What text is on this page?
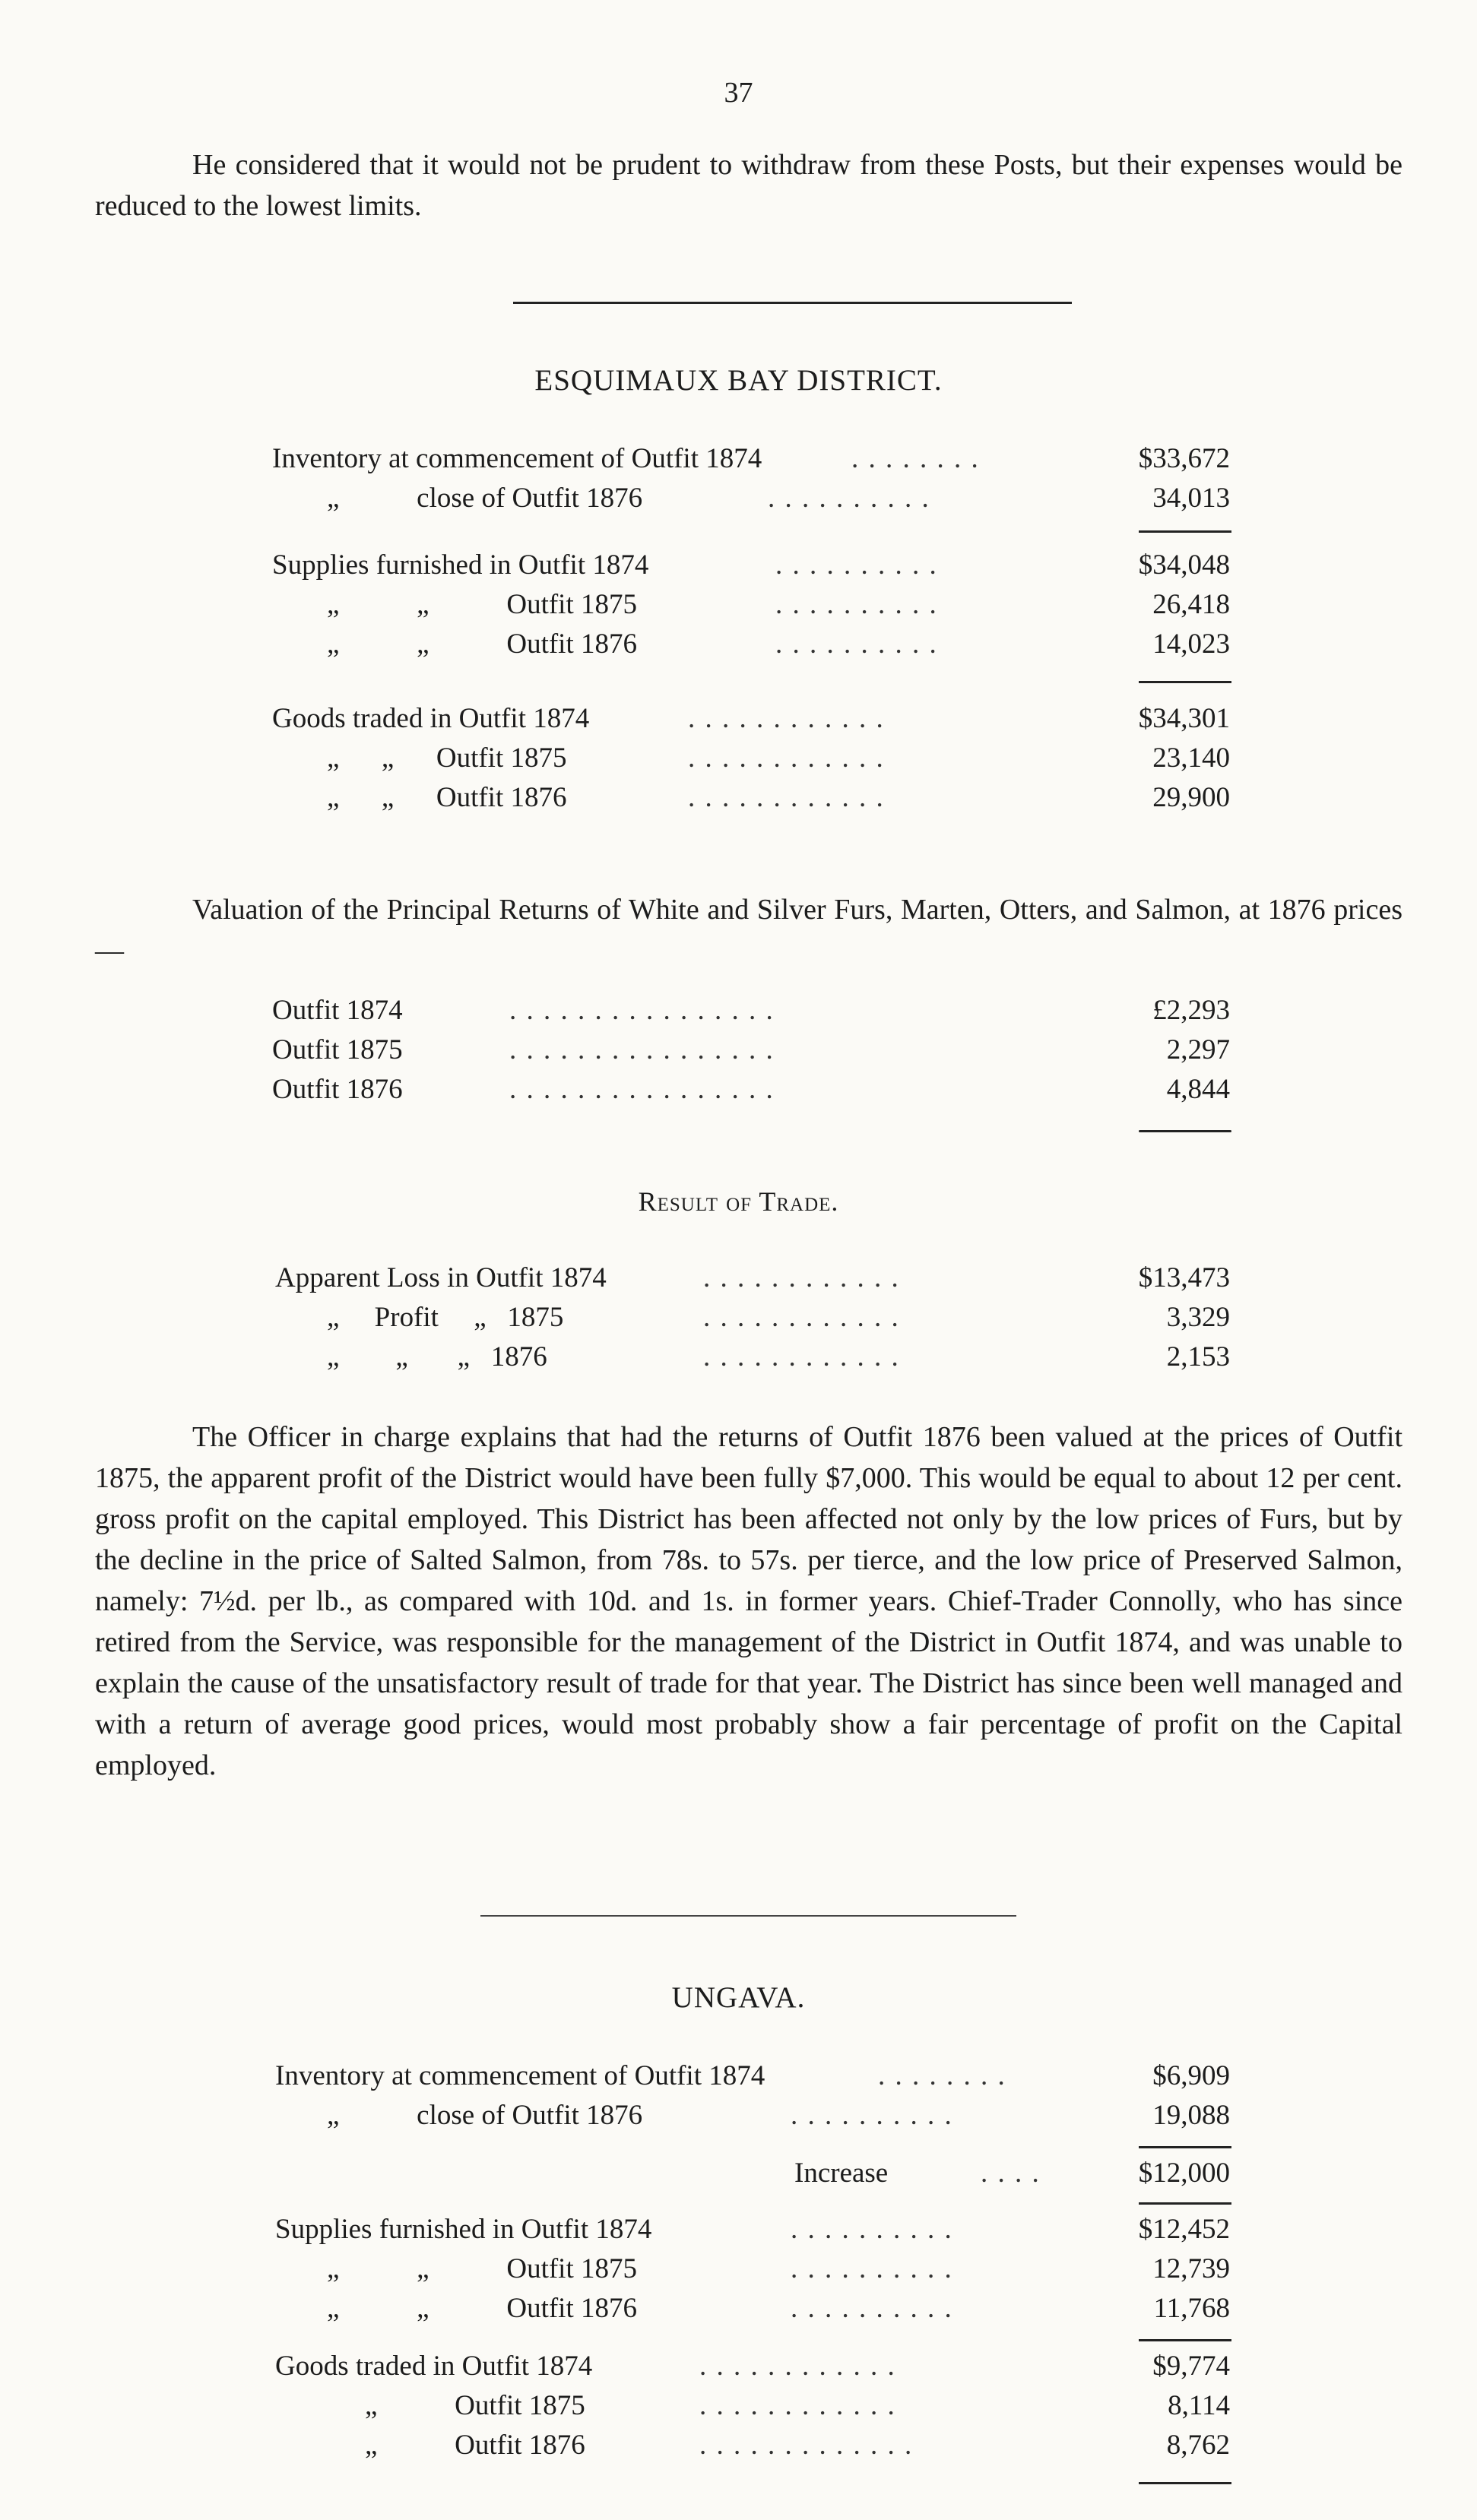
37

He considered that it would not be prudent to withdraw from these Posts, but their expenses would be reduced to the lowest limits.

ESQUIMAUX BAY DISTRICT.
Inventory at commencement of Outfit 1874	. . . . . . . .	$33,672
„           close of Outfit 1876	. . . . . . . . . .	34,013
Supplies furnished in Outfit 1874	. . . . . . . . . .	$34,048
„           „           Outfit 1875	. . . . . . . . . .	26,418
„           „           Outfit 1876	. . . . . . . . . .	14,023
Goods traded in Outfit 1874	. . . . . . . . . . . .	$34,301
„      „      Outfit 1875	. . . . . . . . . . . .	23,140
„      „      Outfit 1876	. . . . . . . . . . . .	29,900

Valuation of the Principal Returns of White and Silver Furs, Marten, Otters, and Salmon, at 1876 prices—

Outfit 1874	. . . . . . . . . . . . . . . .	£2,293
Outfit 1875	. . . . . . . . . . . . . . . .	2,297
Outfit 1876	. . . . . . . . . . . . . . . .	4,844
Result of Trade.
Apparent Loss in Outfit 1874	. . . . . . . . . . . .	$13,473
„     Profit     „   1875	. . . . . . . . . . . .	3,329
„        „       „   1876	. . . . . . . . . . . .	2,153

The Officer in charge explains that had the returns of Outfit 1876 been valued at the prices of Outfit 1875, the apparent profit of the District would have been fully $7,000. This would be equal to about 12 per cent. gross profit on the capital employed. This District has been affected not only by the low prices of Furs, but by the decline in the price of Salted Salmon, from 78s. to 57s. per tierce, and the low price of Preserved Salmon, namely: 7½d. per lb., as compared with 10d. and 1s. in former years. Chief-Trader Connolly, who has since retired from the Service, was responsible for the management of the District in Outfit 1874, and was unable to explain the cause of the unsatisfactory result of trade for that year. The District has since been well managed and with a return of average good prices, would most probably show a fair percentage of profit on the Capital employed.

UNGAVA.
Inventory at commencement of Outfit 1874	. . . . . . . .	$6,909
„           close of Outfit 1876	. . . . . . . . . .	19,088
Increase	. . . .	$12,000
Supplies furnished in Outfit 1874	. . . . . . . . . .	$12,452
„           „           Outfit 1875	. . . . . . . . . .	12,739
„           „           Outfit 1876	. . . . . . . . . .	11,768
Goods traded in Outfit 1874	. . . . . . . . . . . .	$9,774
„           Outfit 1875	. . . . . . . . . . . .	8,114
„           Outfit 1876	. . . . . . . . . . . . .	8,762
